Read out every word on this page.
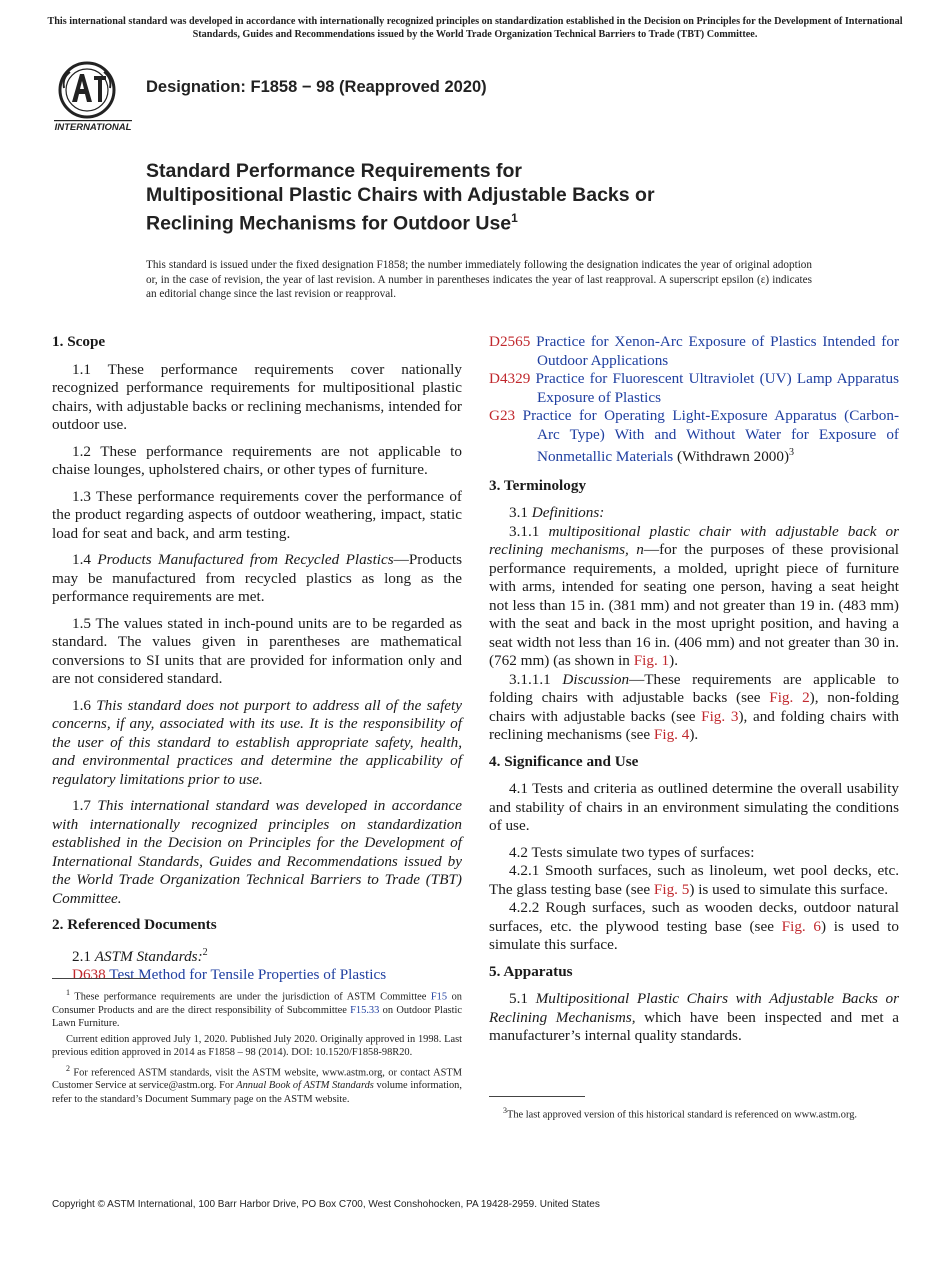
This international standard was developed in accordance with internationally recognized principles on standardization established in the Decision on Principles for the Development of International Standards, Guides and Recommendations issued by the World Trade Organization Technical Barriers to Trade (TBT) Committee.
INTERNATIONAL
Designation: F1858 − 98 (Reapproved 2020)
Standard Performance Requirements for
Multipositional Plastic Chairs with Adjustable Backs or
Reclining Mechanisms for Outdoor Use$^1$
This standard is issued under the fixed designation F1858; the number immediately following the designation indicates the year of original adoption or, in the case of revision, the year of last revision. A number in parentheses indicates the year of last reapproval. A superscript epsilon (ε) indicates an editorial change since the last revision or reapproval.
1. Scope

1.1 These performance requirements cover nationally recognized performance requirements for multipositional plastic chairs, with adjustable backs or reclining mechanisms, intended for outdoor use.

1.2 These performance requirements are not applicable to chaise lounges, upholstered chairs, or other types of furniture.

1.3 These performance requirements cover the performance of the product regarding aspects of outdoor weathering, impact, static load for seat and back, and arm testing.

1.4 Products Manufactured from Recycled Plastics—Products may be manufactured from recycled plastics as long as the performance requirements are met.

1.5 The values stated in inch-pound units are to be regarded as standard. The values given in parentheses are mathematical conversions to SI units that are provided for information only and are not considered standard.

1.6 This standard does not purport to address all of the safety concerns, if any, associated with its use. It is the responsibility of the user of this standard to establish appropriate safety, health, and environmental practices and determine the applicability of regulatory limitations prior to use.

1.7 This international standard was developed in accordance with internationally recognized principles on standardization established in the Decision on Principles for the Development of International Standards, Guides and Recommendations issued by the World Trade Organization Technical Barriers to Trade (TBT) Committee.

2. Referenced Documents

2.1 ASTM Standards:$^2$

D638 Test Method for Tensile Properties of Plastics

$^1$ These performance requirements are under the jurisdiction of ASTM Committee F15 on Consumer Products and are the direct responsibility of Subcommittee F15.33 on Outdoor Plastic Lawn Furniture.

Current edition approved July 1, 2020. Published July 2020. Originally approved in 1998. Last previous edition approved in 2014 as F1858 – 98 (2014). DOI: 10.1520/F1858-98R20.

$^2$ For referenced ASTM standards, visit the ASTM website, www.astm.org, or contact ASTM Customer Service at service@astm.org. For Annual Book of ASTM Standards volume information, refer to the standard’s Document Summary page on the ASTM website.

D2565 Practice for Xenon-Arc Exposure of Plastics Intended for Outdoor Applications
D4329 Practice for Fluorescent Ultraviolet (UV) Lamp Apparatus Exposure of Plastics
G23 Practice for Operating Light-Exposure Apparatus (Carbon-Arc Type) With and Without Water for Exposure of Nonmetallic Materials (Withdrawn 2000)$^3$
3. Terminology

3.1 Definitions:

3.1.1 multipositional plastic chair with adjustable back or reclining mechanisms, n—for the purposes of these provisional performance requirements, a molded, upright piece of furniture with arms, intended for seating one person, having a seat height not less than 15 in. (381 mm) and not greater than 19 in. (483 mm) with the seat and back in the most upright position, and having a seat width not less than 16 in. (406 mm) and not greater than 30 in. (762 mm) (as shown in Fig. 1).

3.1.1.1 Discussion—These requirements are applicable to folding chairs with adjustable backs (see Fig. 2), non-folding chairs with adjustable backs (see Fig. 3), and folding chairs with reclining mechanisms (see Fig. 4).

4. Significance and Use

4.1 Tests and criteria as outlined determine the overall usability and stability of chairs in an environment simulating the conditions of use.

4.2 Tests simulate two types of surfaces:

4.2.1 Smooth surfaces, such as linoleum, wet pool decks, etc. The glass testing base (see Fig. 5) is used to simulate this surface.

4.2.2 Rough surfaces, such as wooden decks, outdoor natural surfaces, etc. the plywood testing base (see Fig. 6) is used to simulate this surface.

5. Apparatus

5.1 Multipositional Plastic Chairs with Adjustable Backs or Reclining Mechanisms, which have been inspected and met a manufacturer’s internal quality standards.

$^3$The last approved version of this historical standard is referenced on www.astm.org.

Copyright © ASTM International, 100 Barr Harbor Drive, PO Box C700, West Conshohocken, PA 19428-2959. United States
